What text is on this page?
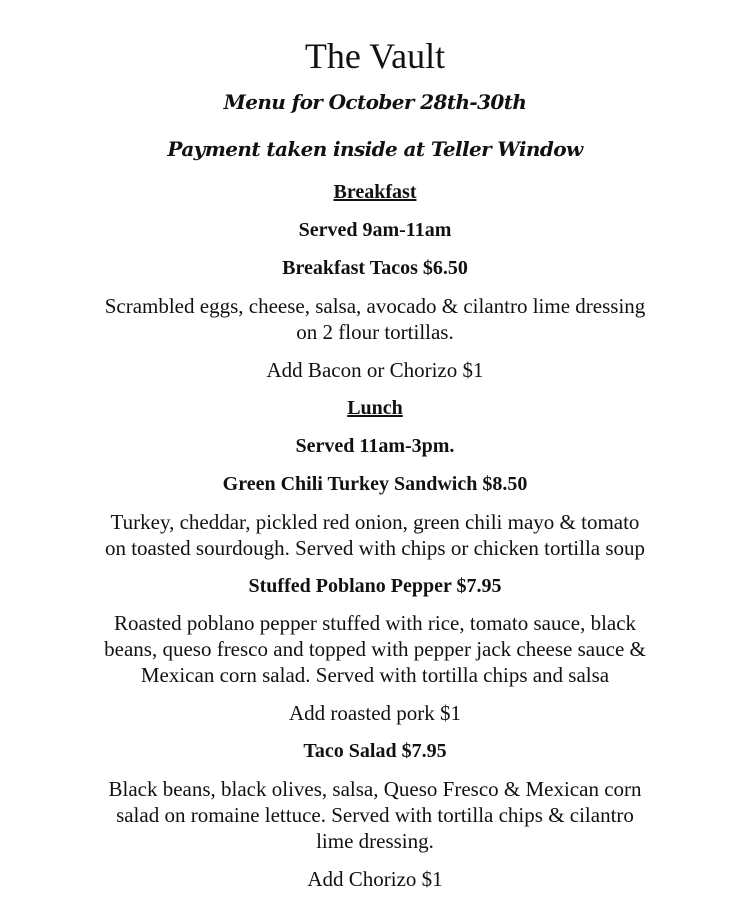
The Vault
Menu for October 28th-30th
Payment taken inside at Teller Window
Breakfast
Served 9am-11am
Breakfast Tacos $6.50
Scrambled eggs, cheese, salsa, avocado & cilantro lime dressing
on 2 flour tortillas.
Add Bacon or Chorizo $1
Lunch
Served 11am-3pm.
Green Chili Turkey Sandwich $8.50
Turkey, cheddar, pickled red onion, green chili mayo & tomato
on toasted sourdough. Served with chips or chicken tortilla soup
Stuffed Poblano Pepper $7.95
Roasted poblano pepper stuffed with rice, tomato sauce, black
beans, queso fresco and topped with pepper jack cheese sauce &
Mexican corn salad. Served with tortilla chips and salsa
Add roasted pork $1
Taco Salad $7.95
Black beans, black olives, salsa, Queso Fresco & Mexican corn
salad on romaine lettuce. Served with tortilla chips & cilantro
lime dressing.
Add Chorizo $1
